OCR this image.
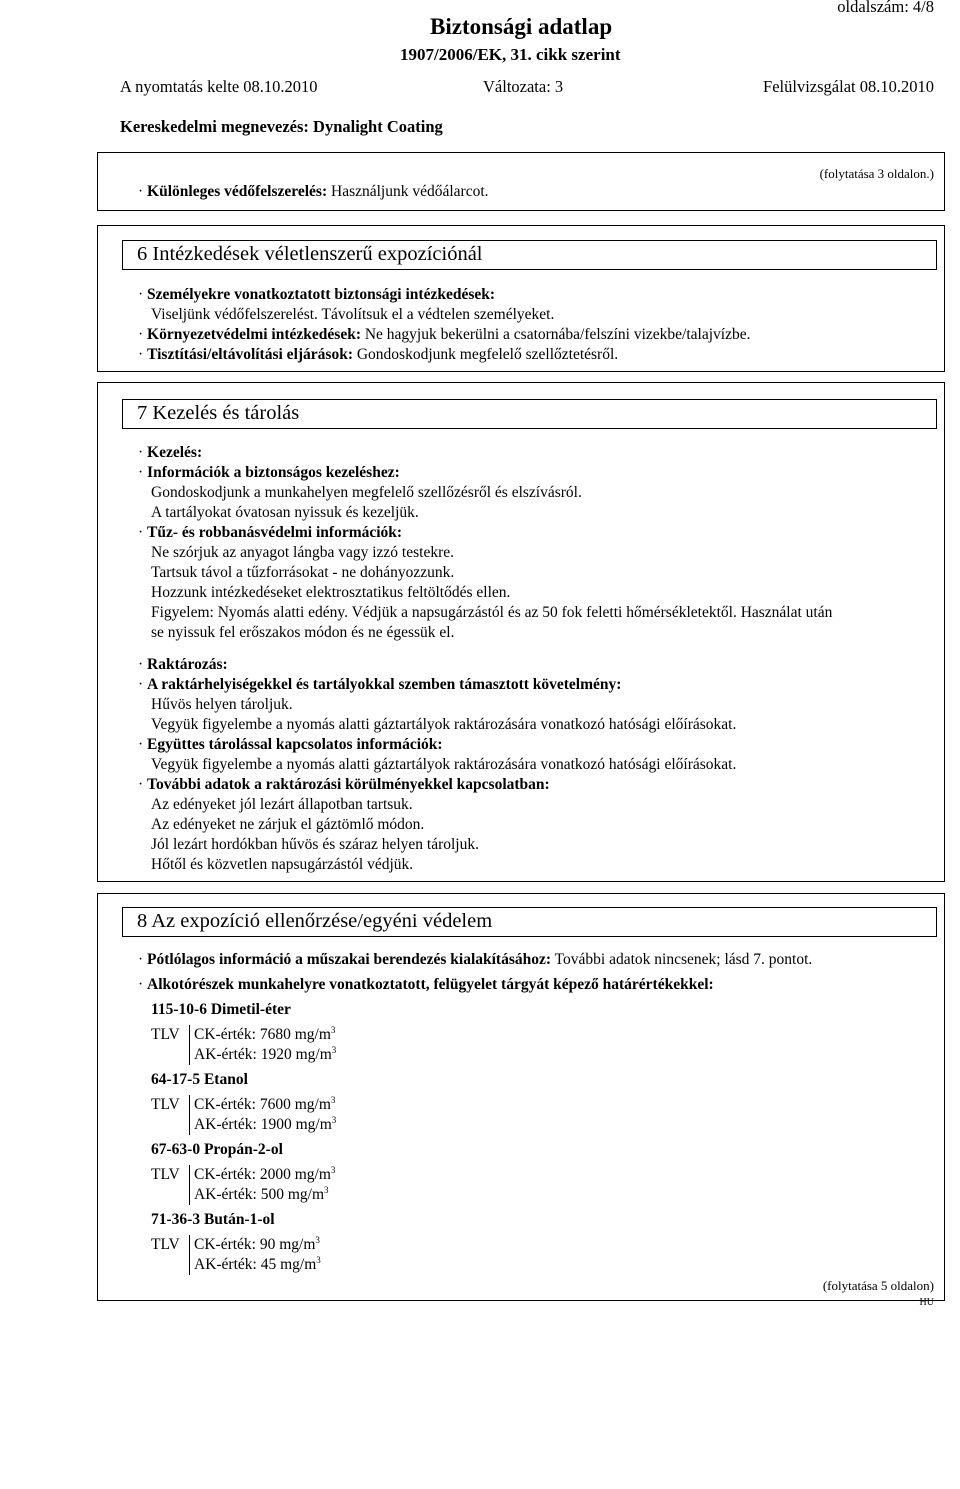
Biztonsági adatlap
1907/2006/EK, 31. cikk szerint
oldalszám: 4/8
A nyomtatás kelte 08.10.2010	Változata: 3	Felülvizsgálat 08.10.2010
Kereskedelmi megnevezés: Dynalight Coating
(folytatása 3 oldalon.)
· Különleges védőfelszerelés: Használjunk védőálarcot.
6 Intézkedések véletlenszerű expozíciónál
· Személyekre vonatkoztatott biztonsági intézkedések:
Viseljünk védőfelszerelést. Távolítsuk el a védtelen személyeket.
· Környezetvédelmi intézkedések: Ne hagyjuk bekerülni a csatornába/felszíni vizekbe/talajvízbe.
· Tisztítási/eltávolítási eljárások: Gondoskodjunk megfelelő szellőztetésről.
7 Kezelés és tárolás
· Kezelés:
· Információk a biztonságos kezeléshez:
Gondoskodjunk a munkahelyen megfelelő szellőzésről és elszívásról.
A tartályokat óvatosan nyissuk és kezeljük.
· Tűz- és robbanásvédelmi információk:
Ne szórjuk az anyagot lángba vagy izzó testekre.
Tartsuk távol a tűzforrásokat - ne dohányozzunk.
Hozzunk intézkedéseket elektrosztatikus feltöltődés ellen.
Figyelem: Nyomás alatti edény. Védjük a napsugárzástól és az 50 fok feletti hőmérsékletektől. Használat után
se nyissuk fel erőszakos módon és ne égessük el.
· Raktározás:
· A raktárhelyiségekkel és tartályokkal szemben támasztott követelmény:
Hűvös helyen tároljuk.
Vegyük figyelembe a nyomás alatti gáztartályok raktározására vonatkozó hatósági előírásokat.
· Együttes tárolással kapcsolatos információk:
Vegyük figyelembe a nyomás alatti gáztartályok raktározására vonatkozó hatósági előírásokat.
· További adatok a raktározási körülményekkel kapcsolatban:
Az edényeket jól lezárt állapotban tartsuk.
Az edényeket ne zárjuk el gáztömlő módon.
Jól lezárt hordókban hűvös és száraz helyen tároljuk.
Hőtől és közvetlen napsugárzástól védjük.
8 Az expozíció ellenőrzése/egyéni védelem
· Pótlólagos információ a műszakai berendezés kialakításához: További adatok nincsenek; lásd 7. pontot.
· Alkotórészek munkahelyre vonatkoztatott, felügyelet tárgyát képező határértékekkel:
115-10-6 Dimetil-éter
TLV CK-érték: 7680 $mg/m^3$
AK-érték: 1920 $mg/m^3$
64-17-5 Etanol
TLV CK-érték: 7600 $mg/m^3$
AK-érték: 1900 $mg/m^3$
67-63-0 Propán-2-ol
TLV CK-érték: 2000 $mg/m^3$
AK-érték: 500 $mg/m^3$
71-36-3 Bután-1-ol
TLV CK-érték: 90 $mg/m^3$
AK-érték: 45 $mg/m^3$
(folytatása 5 oldalon)
HU
